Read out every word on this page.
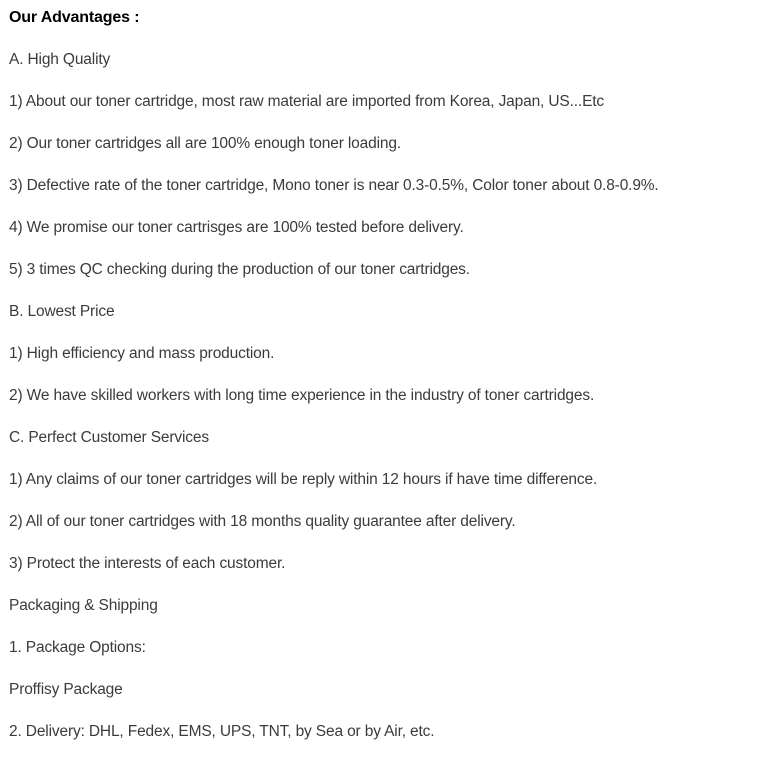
Our Advantages :

A. High Quality

1) About our toner cartridge, most raw material are imported from Korea, Japan, US...Etc

2) Our toner cartridges all are 100% enough toner loading.

3) Defective rate of the toner cartridge, Mono toner is near 0.3-0.5%, Color toner about 0.8-0.9%.

4) We promise our toner cartrisges are 100% tested before delivery.

5) 3 times QC checking during the production of our toner cartridges.

B. Lowest Price

1) High efficiency and mass production.

2) We have skilled workers with long time experience in the industry of toner cartridges.

C. Perfect Customer Services

1) Any claims of our toner cartridges will be reply within 12 hours if have time difference.

2) All of our toner cartridges with 18 months quality guarantee after delivery.

3) Protect the interests of each customer.

Packaging & Shipping

1. Package Options:

Proffisy Package

2. Delivery: DHL, Fedex, EMS, UPS, TNT, by Sea or by Air, etc.
